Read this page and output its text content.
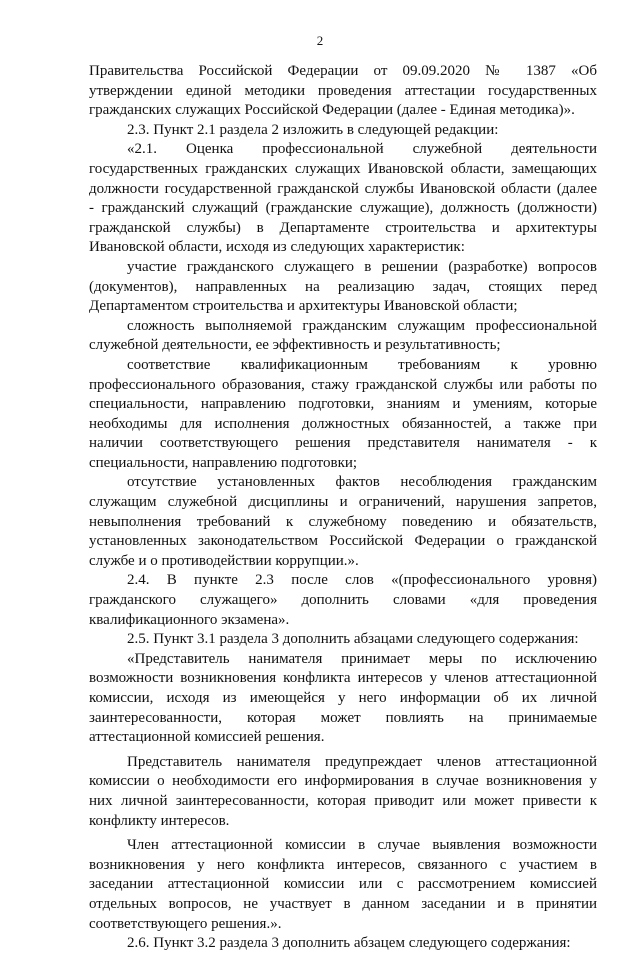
2
Правительства Российской Федерации от 09.09.2020 № 1387 «Об
утверждении единой методики проведения аттестации государственных
гражданских служащих Российской Федерации (далее - Единая методика)».
2.3. Пункт 2.1 раздела 2 изложить в следующей редакции:
«2.1. Оценка профессиональной служебной деятельности
государственных гражданских служащих Ивановской области, замещающих
должности государственной гражданской службы Ивановской области (далее
- гражданский служащий (гражданские служащие), должность (должности)
гражданской службы) в Департаменте строительства и архитектуры
Ивановской области, исходя из следующих характеристик:
участие гражданского служащего в решении (разработке) вопросов
(документов), направленных на реализацию задач, стоящих перед
Департаментом строительства и архитектуры Ивановской области;
сложность выполняемой гражданским служащим профессиональной
служебной деятельности, ее эффективность и результативность;
соответствие квалификационным требованиям к уровню
профессионального образования, стажу гражданской службы или работы по
специальности, направлению подготовки, знаниям и умениям, которые
необходимы для исполнения должностных обязанностей, а также при
наличии соответствующего решения представителя нанимателя - к
специальности, направлению подготовки;
отсутствие установленных фактов несоблюдения гражданским
служащим служебной дисциплины и ограничений, нарушения запретов,
невыполнения требований к служебному поведению и обязательств,
установленных законодательством Российской Федерации о гражданской
службе и о противодействии коррупции.».
2.4. В пункте 2.3 после слов «(профессионального уровня)
гражданского служащего» дополнить словами «для проведения
квалификационного экзамена».
2.5. Пункт 3.1 раздела 3 дополнить абзацами следующего содержания:
«Представитель нанимателя принимает меры по исключению
возможности возникновения конфликта интересов у членов аттестационной
комиссии, исходя из имеющейся у него информации об их личной
заинтересованности, которая может повлиять на принимаемые
аттестационной комиссией решения.
Представитель нанимателя предупреждает членов аттестационной
комиссии о необходимости его информирования в случае возникновения у
них личной заинтересованности, которая приводит или может привести к
конфликту интересов.
Член аттестационной комиссии в случае выявления возможности
возникновения у него конфликта интересов, связанного с участием в
заседании аттестационной комиссии или с рассмотрением комиссией
отдельных вопросов, не участвует в данном заседании и в принятии
соответствующего решения.».
2.6. Пункт 3.2 раздела 3 дополнить абзацем следующего содержания:
